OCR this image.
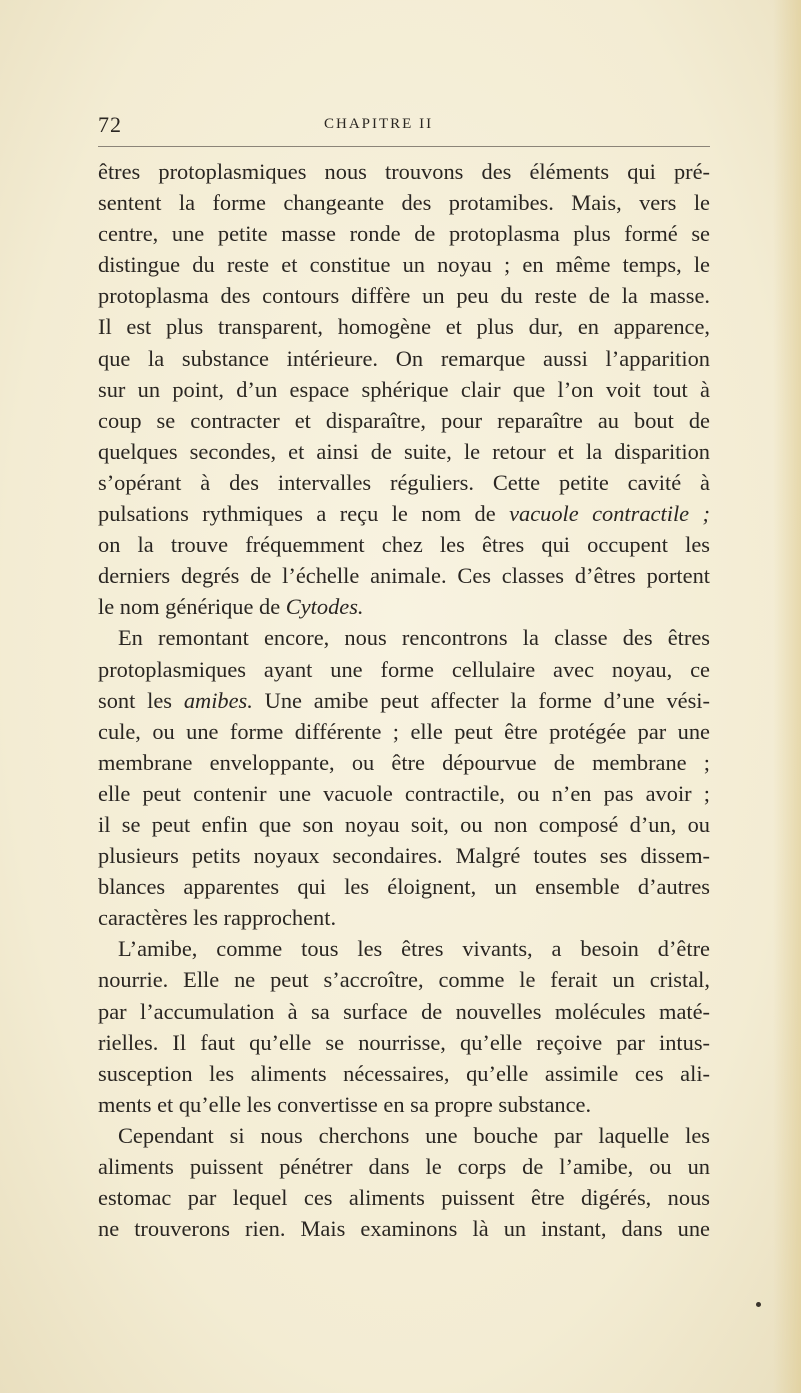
72	CHAPITRE II
êtres protoplasmiques nous trouvons des éléments qui pré-
sentent la forme changeante des protamibes. Mais, vers le
centre, une petite masse ronde de protoplasma plus formé se
distingue du reste et constitue un noyau ; en même temps, le
protoplasma des contours diffère un peu du reste de la masse.
Il est plus transparent, homogène et plus dur, en apparence,
que la substance intérieure. On remarque aussi l’apparition
sur un point, d’un espace sphérique clair que l’on voit tout à
coup se contracter et disparaître, pour reparaître au bout de
quelques secondes, et ainsi de suite, le retour et la disparition
s’opérant à des intervalles réguliers. Cette petite cavité à
pulsations rythmiques a reçu le nom de vacuole contractile ;
on la trouve fréquemment chez les êtres qui occupent les
derniers degrés de l’échelle animale. Ces classes d’êtres portent
le nom générique de Cytodes.
En remontant encore, nous rencontrons la classe des êtres
protoplasmiques ayant une forme cellulaire avec noyau, ce
sont les amibes. Une amibe peut affecter la forme d’une vési-
cule, ou une forme différente ; elle peut être protégée par une
membrane enveloppante, ou être dépourvue de membrane ;
elle peut contenir une vacuole contractile, ou n’en pas avoir ;
il se peut enfin que son noyau soit, ou non composé d’un, ou
plusieurs petits noyaux secondaires. Malgré toutes ses dissem-
blances apparentes qui les éloignent, un ensemble d’autres
caractères les rapprochent.
L’amibe, comme tous les êtres vivants, a besoin d’être
nourrie. Elle ne peut s’accroître, comme le ferait un cristal,
par l’accumulation à sa surface de nouvelles molécules maté-
rielles. Il faut qu’elle se nourrisse, qu’elle reçoive par intus-
susception les aliments nécessaires, qu’elle assimile ces ali-
ments et qu’elle les convertisse en sa propre substance.
Cependant si nous cherchons une bouche par laquelle les
aliments puissent pénétrer dans le corps de l’amibe, ou un
estomac par lequel ces aliments puissent être digérés, nous
ne trouverons rien. Mais examinons là un instant, dans une
